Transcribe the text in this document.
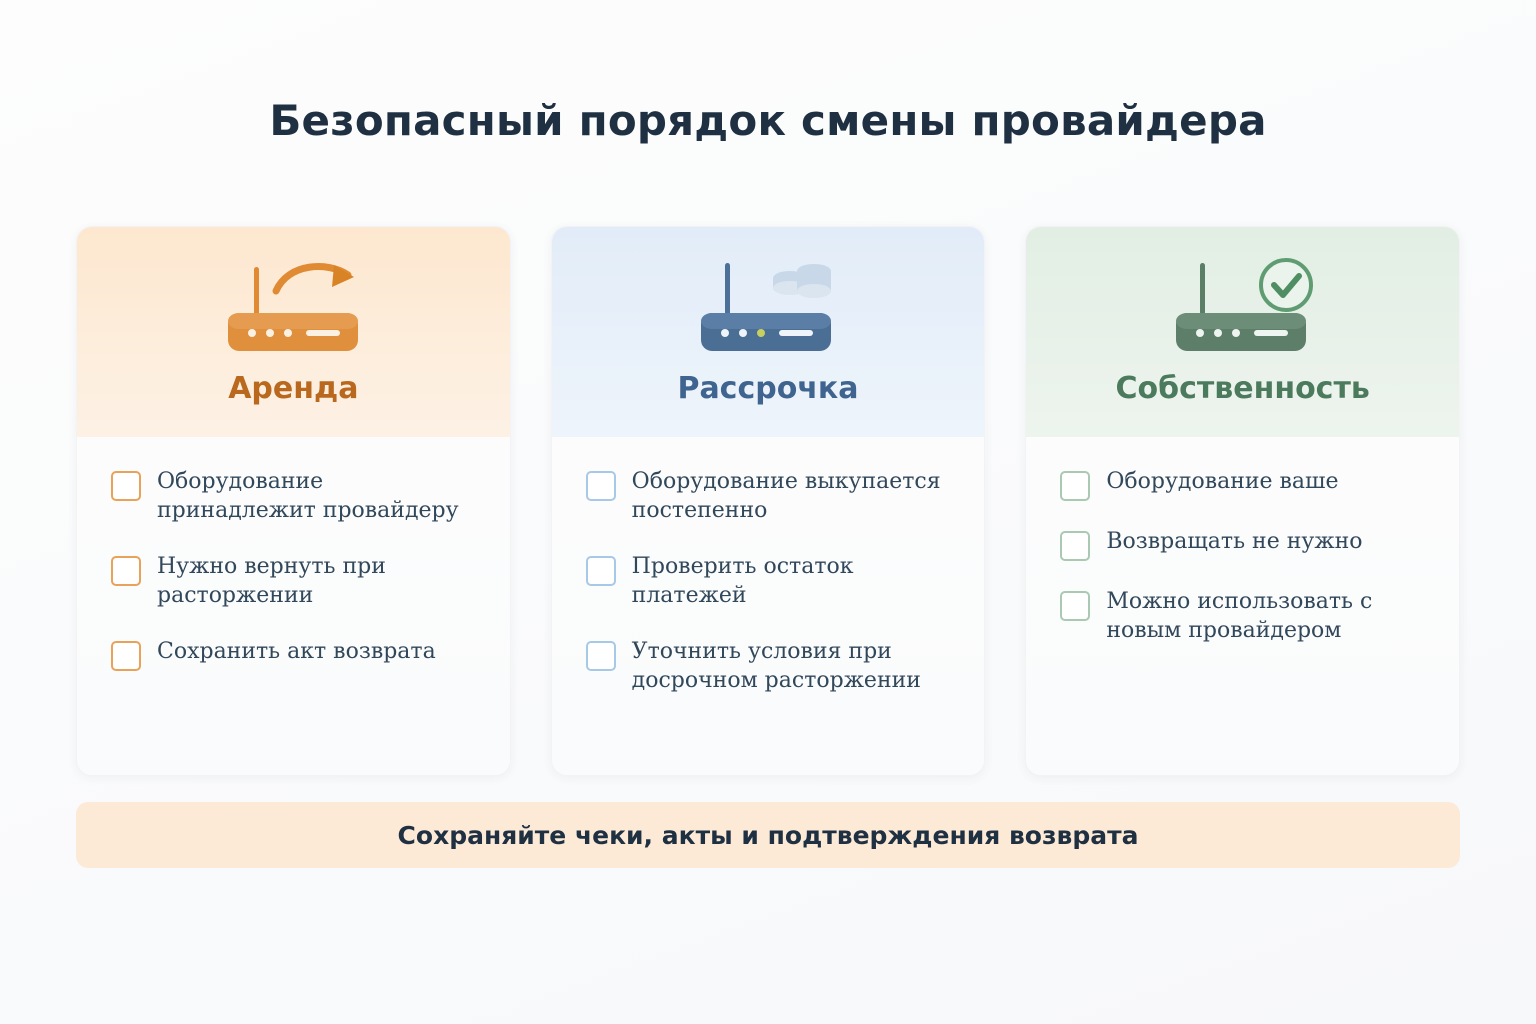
Безопасный порядок смены провайдера
Аренда
Оборудование принадлежит провайдеру
Нужно вернуть при расторжении
Сохранить акт возврата
Рассрочка
Оборудование выкупается постепенно
Проверить остаток платежей
Уточнить условия при досрочном расторжении
Собственность
Оборудование ваше
Возвращать не нужно
Можно использовать с новым провайдером
Сохраняйте чеки, акты и подтверждения возврата
